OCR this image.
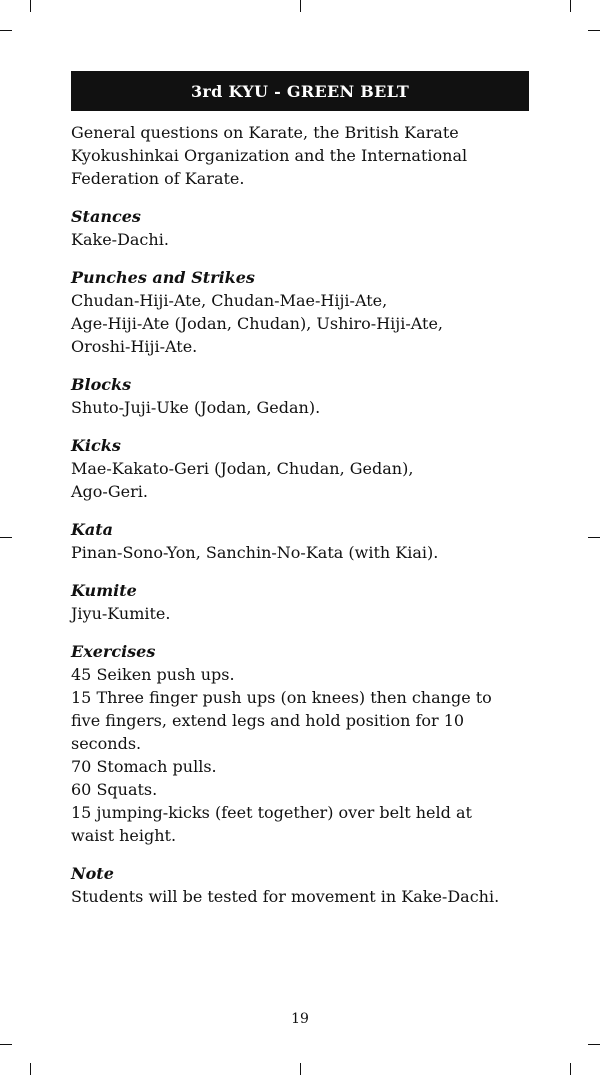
3rd KYU - GREEN BELT
General questions on Karate, the British Karate
Kyokushinkai Organization and the International
Federation of Karate.
Stances
Kake-Dachi.
Punches and Strikes
Chudan-Hiji-Ate, Chudan-Mae-Hiji-Ate,
Age-Hiji-Ate (Jodan, Chudan), Ushiro-Hiji-Ate,
Oroshi-Hiji-Ate.
Blocks
Shuto-Juji-Uke (Jodan, Gedan).
Kicks
Mae-Kakato-Geri (Jodan, Chudan, Gedan),
Ago-Geri.
Kata
Pinan-Sono-Yon, Sanchin-No-Kata (with Kiai).
Kumite
Jiyu-Kumite.
Exercises
45 Seiken push ups.
15 Three finger push ups (on knees) then change to
five fingers, extend legs and hold position for 10
seconds.
70 Stomach pulls.
60 Squats.
15 jumping-kicks (feet together) over belt held at
waist height.
Note
Students will be tested for movement in Kake-Dachi.
19
